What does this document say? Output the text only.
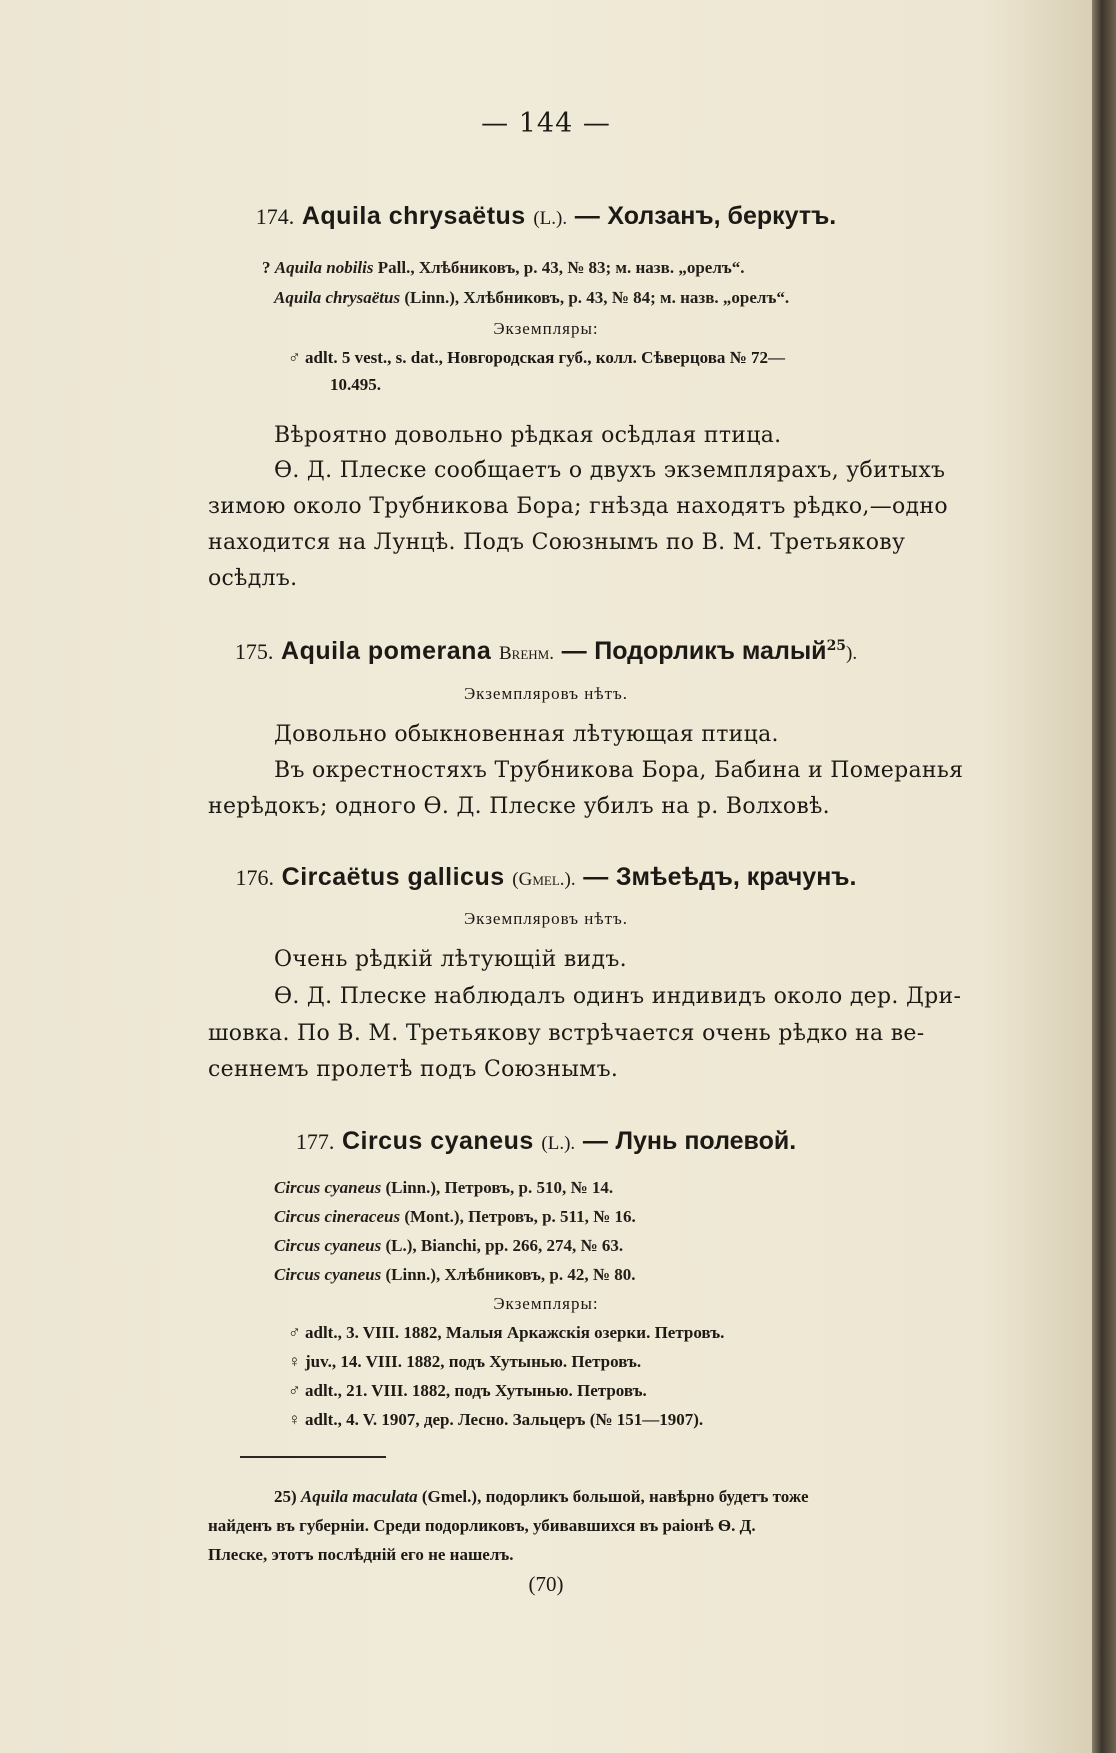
— 144 —
174. Aquila chrysaëtus (L.). — Холзанъ, беркутъ.
? Aquila nobilis Pall., Хлѣбниковъ, р. 43, № 83; м. назв. „орелъ“.
Aquila chrysaëtus (Linn.), Хлѣбниковъ, р. 43, № 84; м. назв. „орелъ“.
Экземпляры:
♂ adlt. 5 vest., s. dat., Новгородская губ., колл. Сѣверцова № 72—
10.495.
Вѣроятно довольно рѣдкая осѣдлая птица.
Ѳ. Д. Плеске сообщаетъ о двухъ экземплярахъ, убитыхъ
зимою около Трубникова Бора; гнѣзда находятъ рѣдко,—одно
находится на Лунцѣ. Подъ Союзнымъ по В. М. Третьякову
осѣдлъ.
175. Aquila pomerana Brehm. — Подорликъ малый$^{25}$).
Экземпляровъ нѣтъ.
Довольно обыкновенная лѣтующая птица.
Въ окрестностяхъ Трубникова Бора, Бабина и Померанья
нерѣдокъ; одного Ѳ. Д. Плеске убилъ на р. Волховѣ.
176. Circaëtus gallicus (Gmel.). — Змѣеѣдъ, крачунъ.
Экземпляровъ нѣтъ.
Очень рѣдкій лѣтующій видъ.
Ѳ. Д. Плеске наблюдалъ одинъ индивидъ около дер. Дри-
шовка. По В. М. Третьякову встрѣчается очень рѣдко на ве-
сеннемъ пролетѣ подъ Союзнымъ.
177. Circus cyaneus (L.). — Лунь полевой.
Circus cyaneus (Linn.), Петровъ, р. 510, № 14.
Circus cineraceus (Mont.), Петровъ, р. 511, № 16.
Circus cyaneus (L.), Bianchi, pp. 266, 274, № 63.
Circus cyaneus (Linn.), Хлѣбниковъ, р. 42, № 80.
Экземпляры:
♂ adlt., 3. VIII. 1882, Малыя Аркажскія озерки. Петровъ.
♀ juv., 14. VIII. 1882, подъ Хутынью. Петровъ.
♂ adlt., 21. VIII. 1882, подъ Хутынью. Петровъ.
♀ adlt., 4. V. 1907, дер. Лесно. Зальцеръ (№ 151—1907).
25) Aquila maculata (Gmel.), подорликъ большой, навѣрно будетъ тоже
найденъ въ губерніи. Среди подорликовъ, убивавшихся въ раіонѣ Ѳ. Д.
Плеске, этотъ послѣдній его не нашелъ.
(70)
